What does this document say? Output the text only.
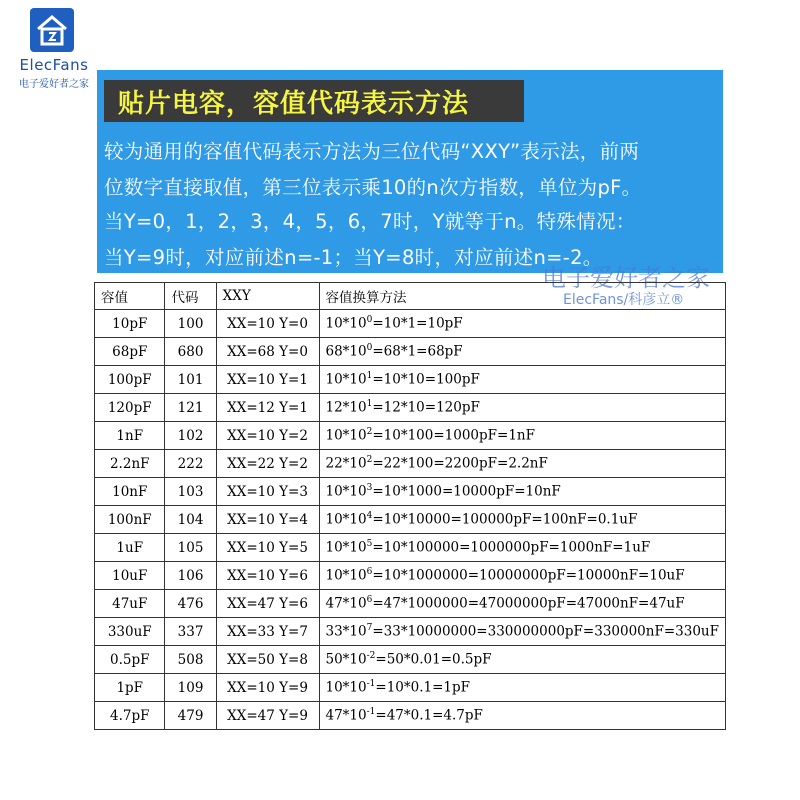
ElecFans
电子爱好者之家
贴片电容，容值代码表示方法
较为通用的容值代码表示方法为三位代码“XXY”表示法，前两
位数字直接取值，第三位表示乘10的n次方指数，单位为pF。
当Y=0，1，2，3，4，5，6，7时，Y就等于n。特殊情况：
当Y=9时，对应前述n=-1；当Y=8时，对应前述n=-2。
电子爱好者之家
ElecFans/科彦立®
容值	代码	XXY	容值换算方法
10pF	100	XX=10 Y=0	$10*10^0=10*1=10pF$
68pF	680	XX=68 Y=0	$68*10^0=68*1=68pF$
100pF	101	XX=10 Y=1	$10*10^1=10*10=100pF$
120pF	121	XX=12 Y=1	$12*10^1=12*10=120pF$
1nF	102	XX=10 Y=2	$10*10^2=10*100=1000pF=1nF$
2.2nF	222	XX=22 Y=2	$22*10^2=22*100=2200pF=2.2nF$
10nF	103	XX=10 Y=3	$10*10^3=10*1000=10000pF=10nF$
100nF	104	XX=10 Y=4	$10*10^4=10*10000=100000pF=100nF=0.1uF$
1uF	105	XX=10 Y=5	$10*10^5=10*100000=1000000pF=1000nF=1uF$
10uF	106	XX=10 Y=6	$10*10^6=10*1000000=10000000pF=10000nF=10uF$
47uF	476	XX=47 Y=6	$47*10^6=47*1000000=47000000pF=47000nF=47uF$
330uF	337	XX=33 Y=7	$33*10^7=33*10000000=330000000pF=330000nF=330uF$
0.5pF	508	XX=50 Y=8	$50*10^{-2}=50*0.01=0.5pF$
1pF	109	XX=10 Y=9	$10*10^{-1}=10*0.1=1pF$
4.7pF	479	XX=47 Y=9	$47*10^{-1}=47*0.1=4.7pF$
